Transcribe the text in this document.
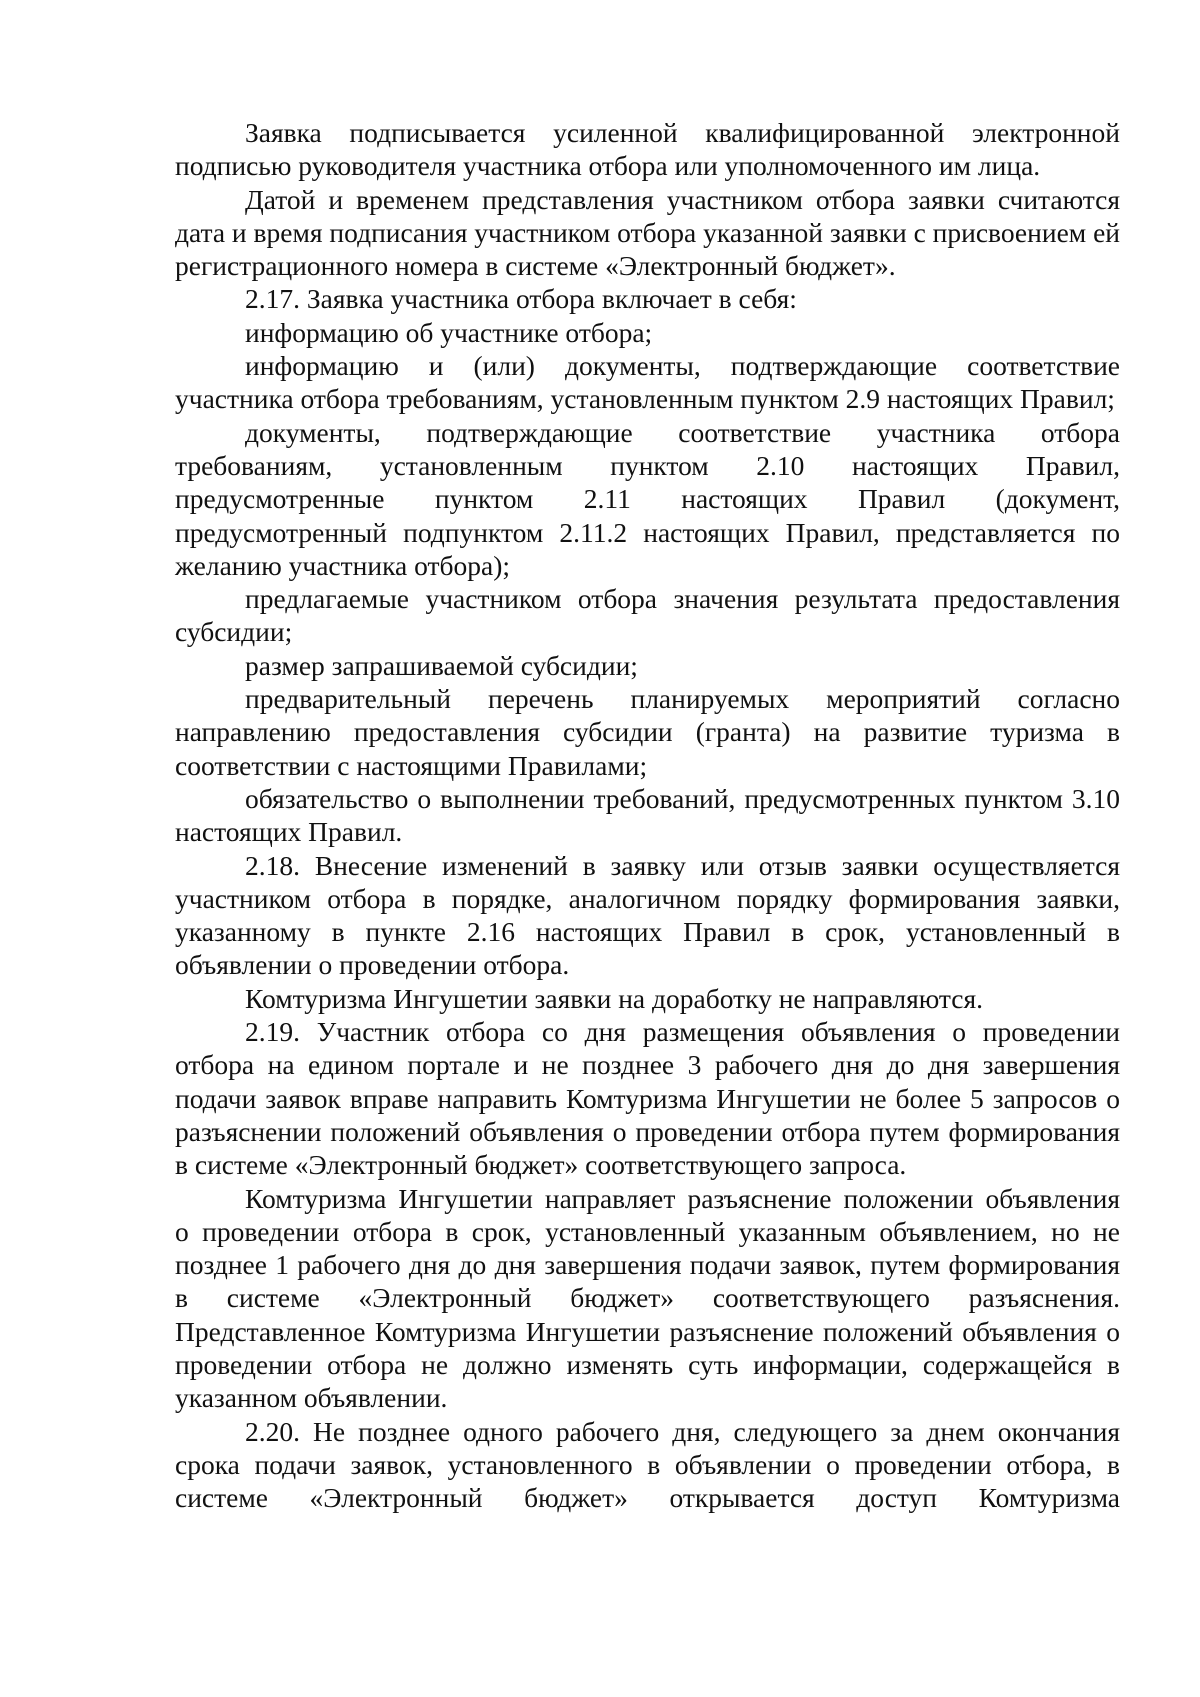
Заявка подписывается усиленной квалифицированной электронной подписью руководителя участника отбора или уполномоченного им лица.

Датой и временем представления участником отбора заявки считаются дата и время подписания участником отбора указанной заявки с присвоением ей регистрационного номера в системе «Электронный бюджет».

2.17. Заявка участника отбора включает в себя:

информацию об участнике отбора;

информацию и (или) документы, подтверждающие соответствие участника отбора требованиям, установленным пунктом 2.9 настоящих Правил;

документы, подтверждающие соответствие участника отбора требованиям, установленным пунктом 2.10 настоящих Правил, предусмотренные пунктом 2.11 настоящих Правил (документ, предусмотренный подпунктом 2.11.2 настоящих Правил, представляется по желанию участника отбора);

предлагаемые участником отбора значения результата предоставления субсидии;

размер запрашиваемой субсидии;

предварительный перечень планируемых мероприятий согласно направлению предоставления субсидии (гранта) на развитие туризма в соответствии с настоящими Правилами;

обязательство о выполнении требований, предусмотренных пунктом 3.10 настоящих Правил.

2.18. Внесение изменений в заявку или отзыв заявки осуществляется участником отбора в порядке, аналогичном порядку формирования заявки, указанному в пункте 2.16 настоящих Правил в срок, установленный в объявлении о проведении отбора.

Комтуризма Ингушетии заявки на доработку не направляются.

2.19. Участник отбора со дня размещения объявления о проведении отбора на едином портале и не позднее 3 рабочего дня до дня завершения подачи заявок вправе направить Комтуризма Ингушетии не более 5 запросов о разъяснении положений объявления о проведении отбора путем формирования в системе «Электронный бюджет» соответствующего запроса.

Комтуризма Ингушетии направляет разъяснение положении объявления

о проведении отбора в срок, установленный указанным объявлением, но не позднее 1 рабочего дня до дня завершения подачи заявок, путем формирования в системе «Электронный бюджет» соответствующего разъяснения. Представленное Комтуризма Ингушетии разъяснение положений объявления о проведении отбора не должно изменять суть информации, содержащейся в указанном объявлении.

2.20. Не позднее одного рабочего дня, следующего за днем окончания срока подачи заявок, установленного в объявлении о проведении отбора, в системе «Электронный бюджет» открывается доступ Комтуризма
